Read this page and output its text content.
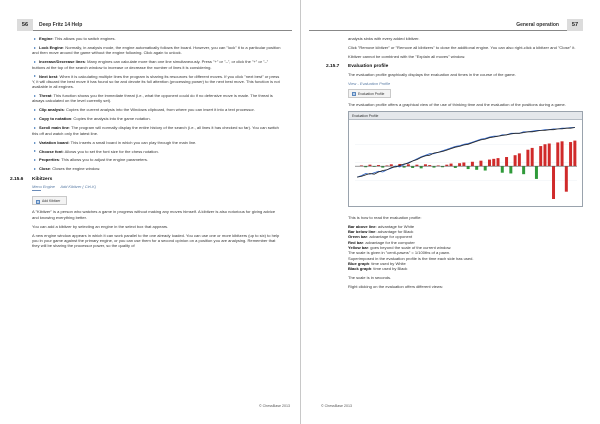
56	Deep Fritz 14 Help

Engine: This allows you to switch engines.

Lock Engine: Normally, in analysis mode, the engine automatically follows the board. However, you can "lock" it to a particular position and then move around the game without the engine following. Click again to unlock.

Increase/Decrease lines: Many engines can calculate more than one line simultaneously. Press "+" or "–", or click the "+" or "–" buttons at the top of the search window to increase or decrease the number of lines it is considering.

Next best: When it is calculating multiple lines the program is sharing its resources for different moves. If you click "next best" or press Y, it will discard the best move it has found so far and devote its full attention (processing power) to the next best move. This function is not available in all engines.

Threat: This function shows you the immediate threat (i.e., what the opponent could do if no defensive move is made. The threat is always calculated on the level currently set).

Clip analysis: Copies the current analysis into the Windows clipboard, from where you can insert it into a text processor.

Copy to notation: Copies the analysis into the game notation.

Scroll main line: The program will normally display the entire history of the search (i.e., all lines it has checked so far). You can switch this off and watch only the latest line.

Variation board: This inserts a small board in which you can play through the main line.

Choose font: Allows you to set the font size for the chess notation.

Properties: This allows you to adjust the engine parameters.

Close: Closes the engine window.

2.15.6 Kibitzers
Menu Engine Add Kibitzer ( Ctrl-K)
Add Kibitzer

A "Kibitzer" is a person who watches a game in progress without making any moves himself. A kibitzer is also notorious for giving advice and knowing everything better.

You can add a kibitzer by selecting an engine in the select box that appears.

A new engine window appears in which it can work parallel to the one already loaded. You can use one or more kibitzers (up to six) to help you in your game against the primary engine, or you can use them for a second opinion on a position you are analysing. Remember that they will be sharing the processor power, so the quality of

© ChessBase 2013
General operation	57

analysis sinks with every added kibitzer.

Click "Remove kibitzer" or "Remove all kibitzers" to close the additional engine. You can also right-click a kibitzer and "Close" it.

Kibitzer cannot be combined with the "Explain all moves" window.

2.15.7 Evaluation profile

The evaluation profile graphically displays the evaluation and times in the course of the game.

View - Evaluation Profile
Evaluation Profile

The evaluation profile offers a graphical view of the use of thinking time and the evaluation of the positions during a game.

Evaluation Profile

This is how to read the evaluation profile:

Bar above line: advantage for White
Bar below line: advantage for Black
Green bar: advantage for opponent
Red bar: advantage for the computer
Yellow bar: goes beyond the scale of the current window.
The scale is given in "centi-pawns" = 1/100ths of a pawn.
Superimposed in the evaluation profile is the time each side has used.
Blue graph: time used by White
Black graph: time used by Black

The scale is in seconds.

Right clicking on the evaluation offers different views:

© ChessBase 2013
